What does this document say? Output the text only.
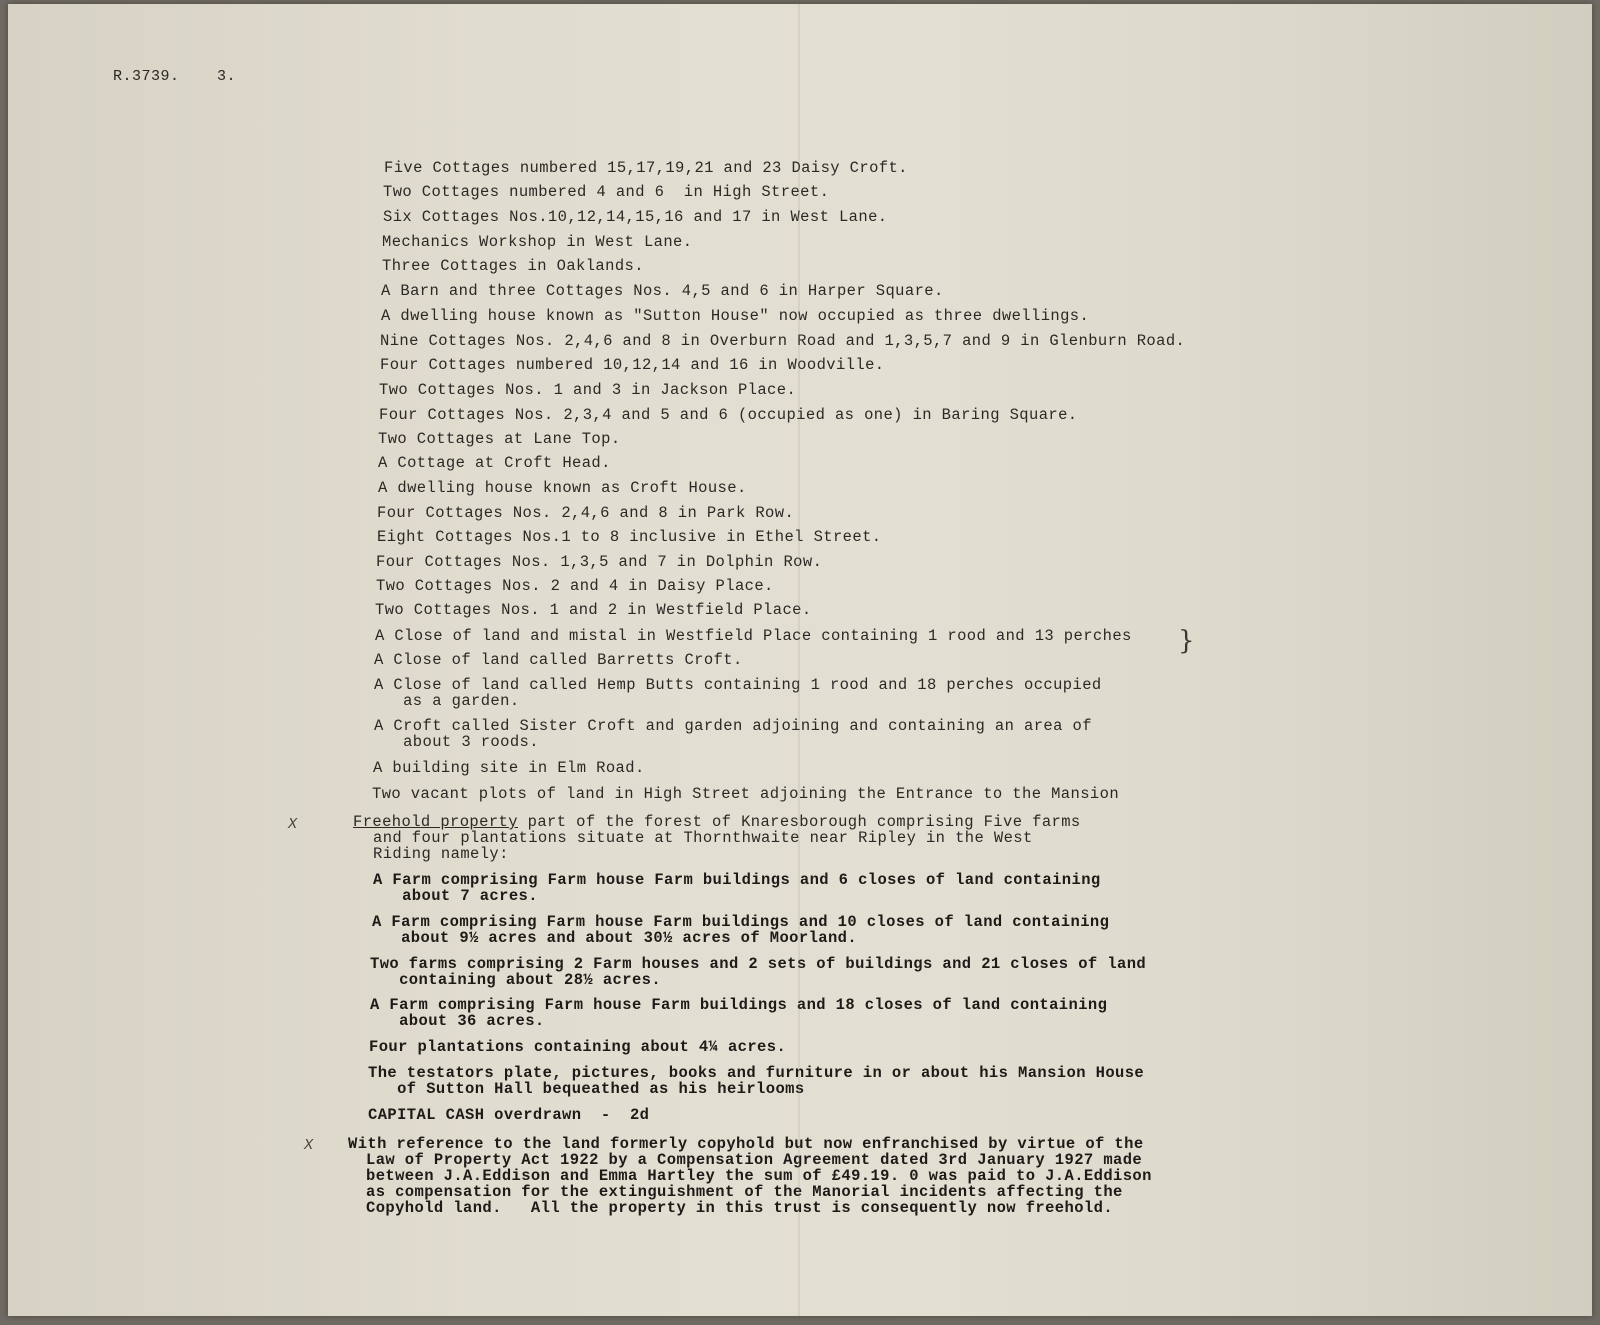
R.3739.	3.
Five Cottages numbered 15,17,19,21 and 23 Daisy Croft.
Two Cottages numbered 4 and 6  in High Street.
Six Cottages Nos.10,12,14,15,16 and 17 in West Lane.
Mechanics Workshop in West Lane.
Three Cottages in Oaklands.
A Barn and three Cottages Nos. 4,5 and 6 in Harper Square.
A dwelling house known as "Sutton House" now occupied as three dwellings.
Nine Cottages Nos. 2,4,6 and 8 in Overburn Road and 1,3,5,7 and 9 in Glenburn Road.
Four Cottages numbered 10,12,14 and 16 in Woodville.
Two Cottages Nos. 1 and 3 in Jackson Place.
Four Cottages Nos. 2,3,4 and 5 and 6 (occupied as one) in Baring Square.
Two Cottages at Lane Top.
A Cottage at Croft Head.
A dwelling house known as Croft House.
Four Cottages Nos. 2,4,6 and 8 in Park Row.
Eight Cottages Nos.1 to 8 inclusive in Ethel Street.
Four Cottages Nos. 1,3,5 and 7 in Dolphin Row.
Two Cottages Nos. 2 and 4 in Daisy Place.
Two Cottages Nos. 1 and 2 in Westfield Place.
A Close of land and mistal in Westfield Place containing 1 rood and 13 perches }
A Close of land called Barretts Croft.
A Close of land called Hemp Butts containing 1 rood and 18 perches occupied
as a garden.
A Croft called Sister Croft and garden adjoining and containing an area of
about 3 roods.
A building site in Elm Road.
Two vacant plots of land in High Street adjoining the Entrance to the Mansion
X	Freehold property part of the forest of Knaresborough comprising Five farms
and four plantations situate at Thornthwaite near Ripley in the West
Riding namely:
A Farm comprising Farm house Farm buildings and 6 closes of land containing
about 7 acres.
A Farm comprising Farm house Farm buildings and 10 closes of land containing
about 9½ acres and about 30½ acres of Moorland.
Two farms comprising 2 Farm houses and 2 sets of buildings and 21 closes of land
containing about 28½ acres.
A Farm comprising Farm house Farm buildings and 18 closes of land containing
about 36 acres.
Four plantations containing about 4¼ acres.
The testators plate, pictures, books and furniture in or about his Mansion House
of Sutton Hall bequeathed as his heirlooms
CAPITAL CASH overdrawn  -  2d
X With reference to the land formerly copyhold but now enfranchised by virtue of the
Law of Property Act 1922 by a Compensation Agreement dated 3rd January 1927 made
between J.A.Eddison and Emma Hartley the sum of £49.19. 0 was paid to J.A.Eddison
as compensation for the extinguishment of the Manorial incidents affecting the
Copyhold land.   All the property in this trust is consequently now freehold.
